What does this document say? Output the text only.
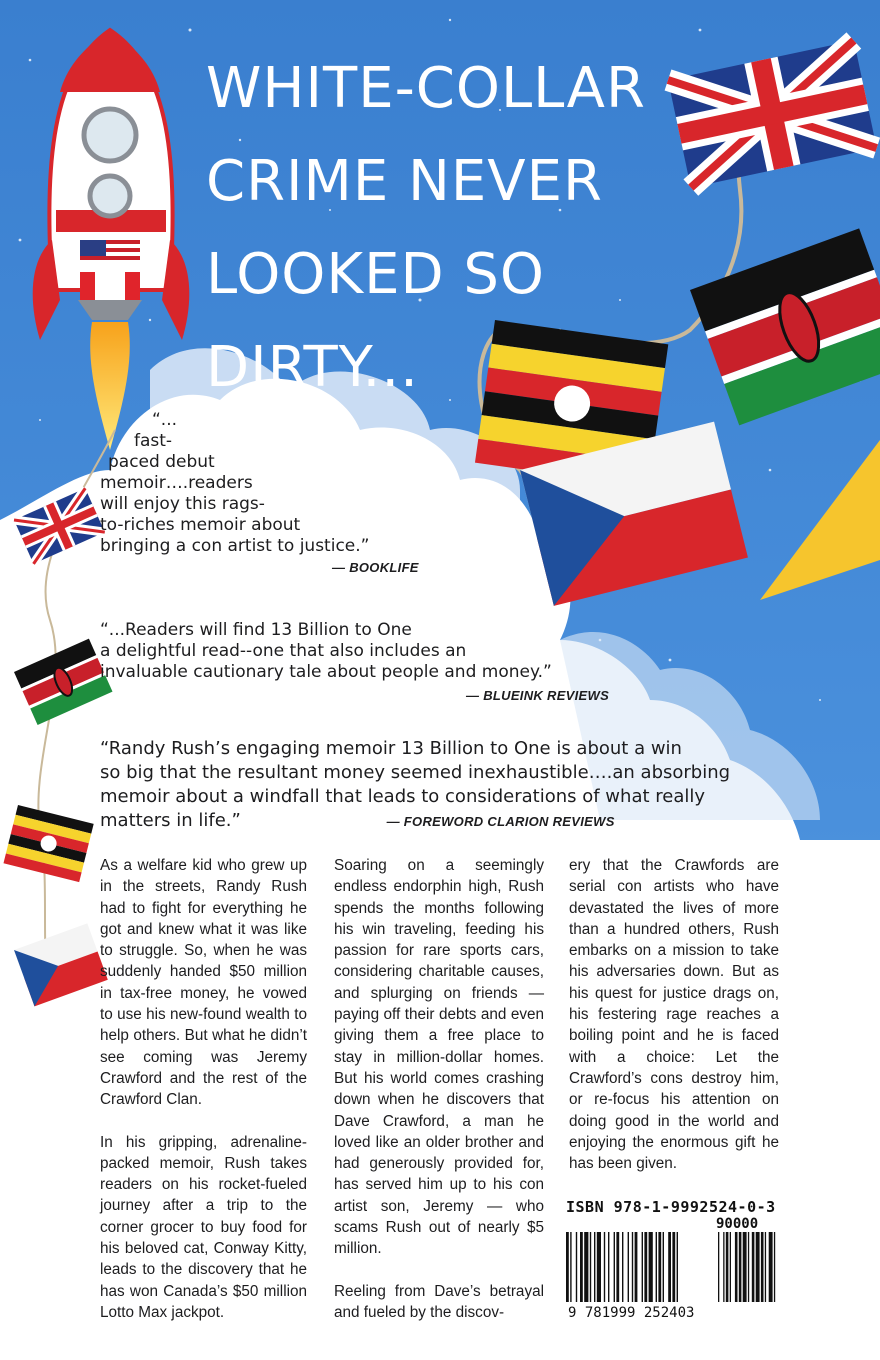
WHITE-COLLAR
CRIME NEVER
LOOKED SO
DIRTY...

“...

fast-

paced debut

memoir….readers

will enjoy this rags-

to-riches memoir about

bringing a con artist to justice.”

— BOOKLIFE

“...Readers will find 13 Billion to One

a delightful read--one that also includes an

invaluable cautionary tale about people and money.”

— BLUEINK REVIEWS

“Randy Rush’s engaging memoir 13 Billion to One is about a win

so big that the resultant money seemed inexhaustible….an absorbing

memoir about a windfall that leads to considerations of what really

matters in life.”	— FOREWORD CLARION REVIEWS

As a welfare kid who grew up in the streets, Randy Rush had to fight for everything he got and knew what it was like to struggle. So, when he was suddenly handed $50 million in tax-free money, he vowed to use his new-found wealth to help others. But what he didn’t see coming was Jeremy Crawford and the rest of the Crawford Clan.

In his gripping, adrenaline-packed memoir, Rush takes readers on his rocket-fueled journey after a trip to the corner grocer to buy food for his beloved cat, Conway Kitty, leads to the discovery that he has won Canada’s $50 million Lotto Max jackpot.

Soaring on a seemingly endless endorphin high, Rush spends the months following his win traveling, feeding his passion for rare sports cars, considering charitable causes, and splurging on friends — paying off their debts and even giving them a free place to stay in million-dollar homes. But his world comes crashing down when he discovers that Dave Crawford, a man he loved like an older brother and had generously provided for, has served him up to his con artist son, Jeremy — who scams Rush out of nearly $5 million.

Reeling from Dave’s betrayal and fueled by the discov-

ery that the Crawfords are serial con artists who have devastated the lives of more than a hundred others, Rush embarks on a mission to take his adversaries down. But as his quest for justice drags on, his festering rage reaches a boiling point and he is faced with a choice: Let the Crawford’s cons destroy him, or re-focus his attention on doing good in the world and enjoying the enormous gift he has been given.

ISBN 978-1-9992524-0-3
90000
9 781999 252403
